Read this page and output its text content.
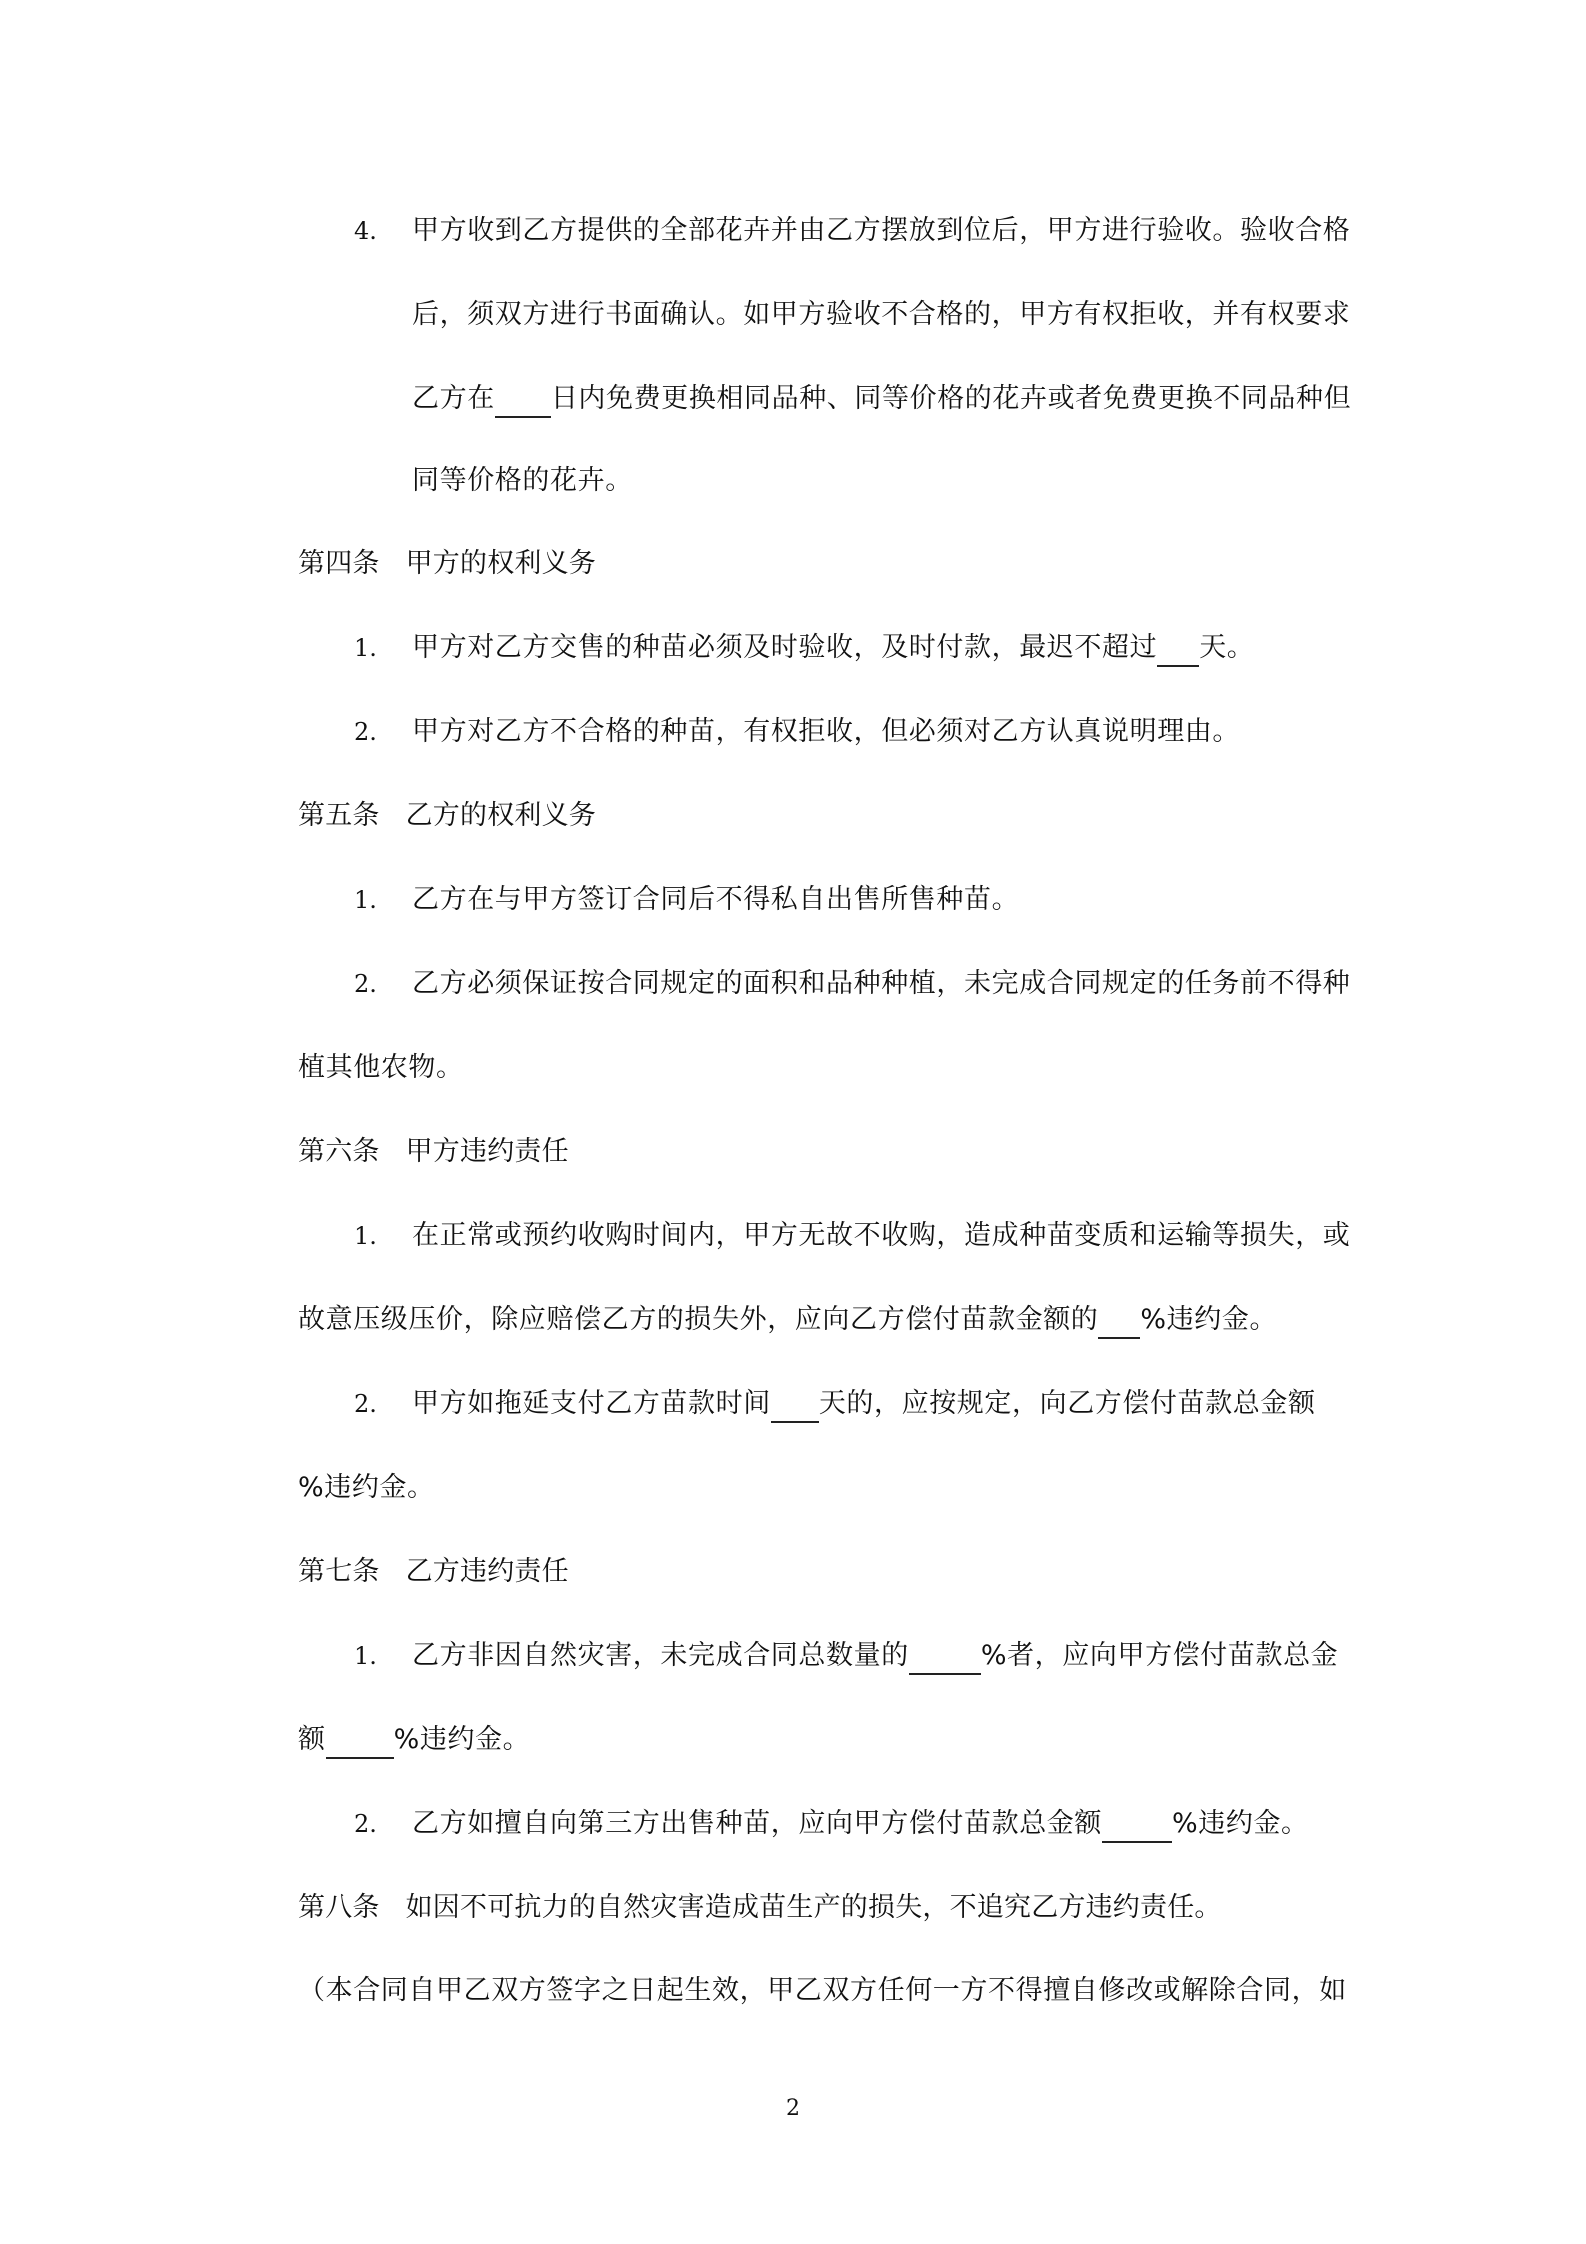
4. 甲方收到乙方提供的全部花卉并由乙方摆放到位后，甲方进行验收。验收合格
后，须双方进行书面确认。如甲方验收不合格的，甲方有权拒收，并有权要求
乙方在 日内免费更换相同品种、同等价格的花卉或者免费更换不同品种但
同等价格的花卉。
第四条 甲方的权利义务
1. 甲方对乙方交售的种苗必须及时验收，及时付款，最迟不超过 天。
2. 甲方对乙方不合格的种苗，有权拒收，但必须对乙方认真说明理由。
第五条 乙方的权利义务
1. 乙方在与甲方签订合同后不得私自出售所售种苗。
2. 乙方必须保证按合同规定的面积和品种种植，未完成合同规定的任务前不得种
植其他农物。
第六条 甲方违约责任
1. 在正常或预约收购时间内，甲方无故不收购，造成种苗变质和运输等损失，或
故意压级压价，除应赔偿乙方的损失外，应向乙方偿付苗款金额的 %违约金。
2. 甲方如拖延支付乙方苗款时间 天的，应按规定，向乙方偿付苗款总金额
%违约金。
第七条 乙方违约责任
1. 乙方非因自然灾害，未完成合同总数量的	%者，应向甲方偿付苗款总金
额	%违约金。
2. 乙方如擅自向第三方出售种苗，应向甲方偿付苗款总金额	%违约金。
第八条 如因不可抗力的自然灾害造成苗生产的损失，不追究乙方违约责任。
（本合同自甲乙双方签字之日起生效，甲乙双方任何一方不得擅自修改或解除合同，如
2
